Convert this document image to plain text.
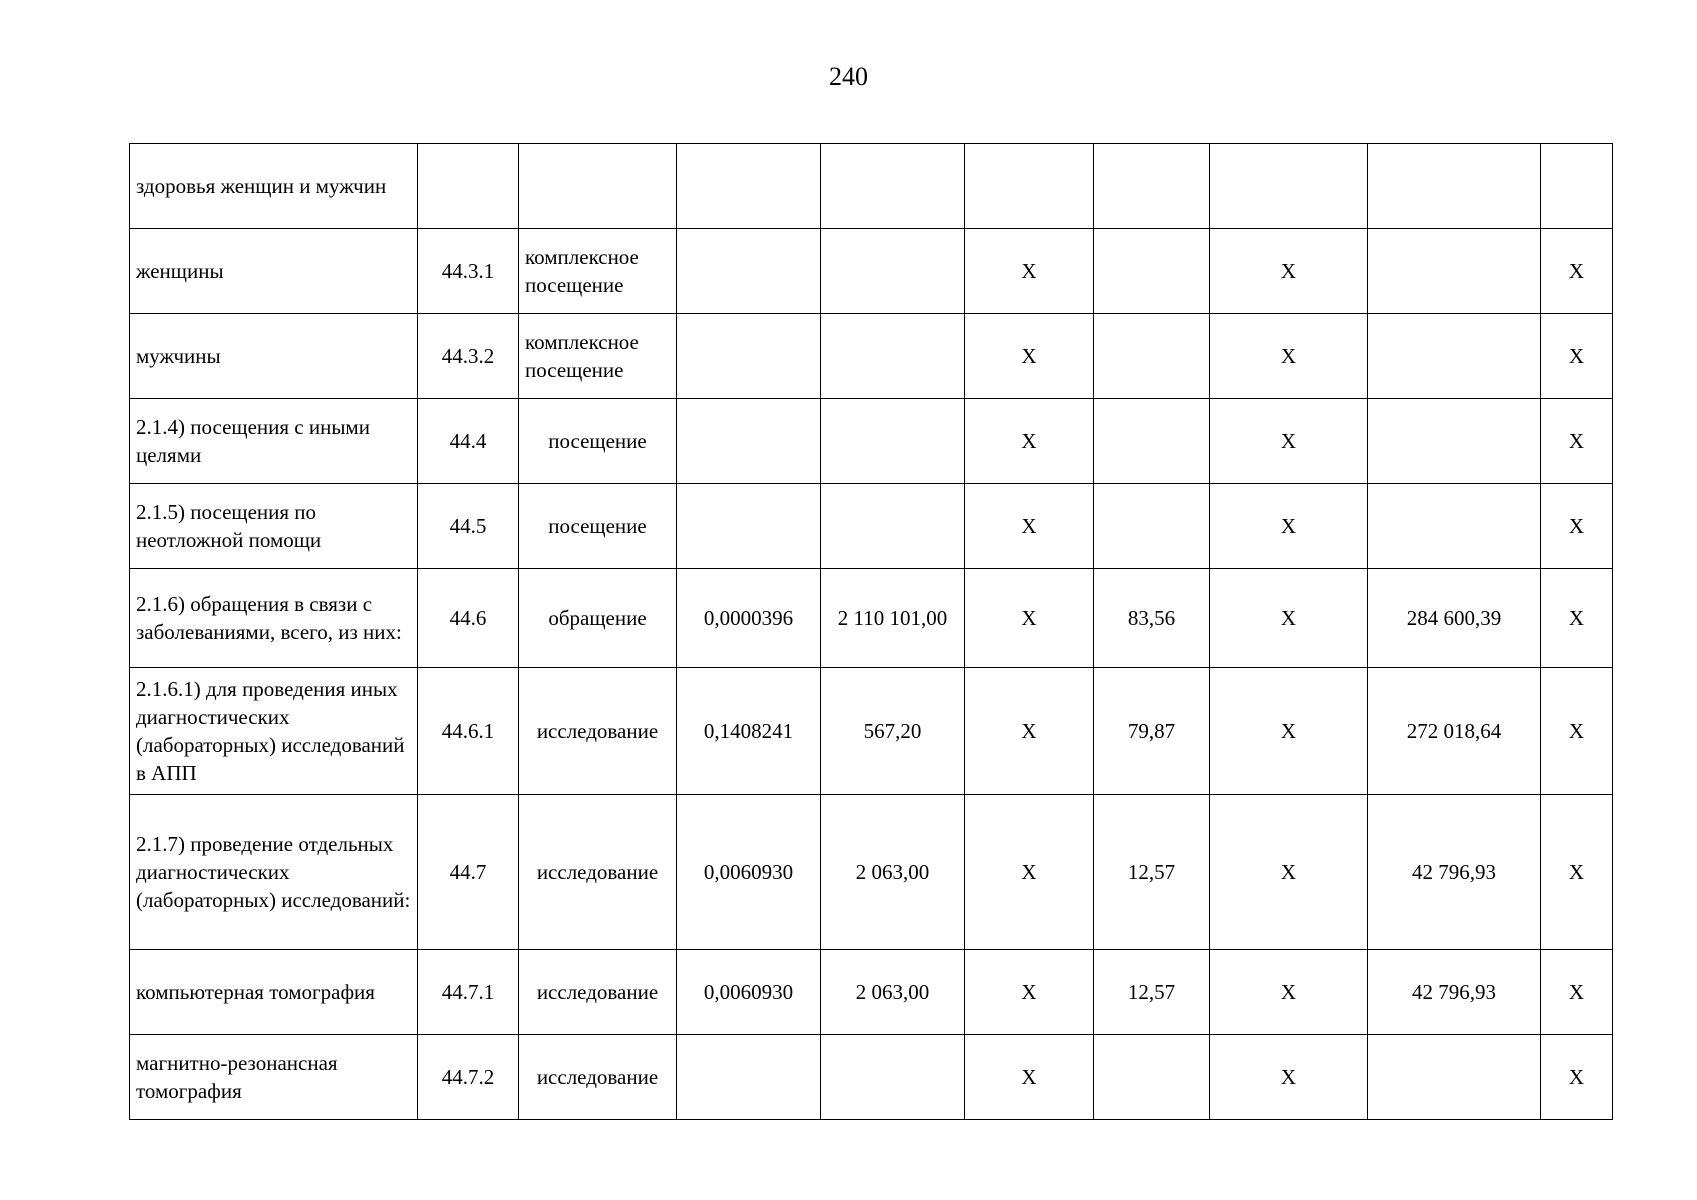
240
здоровья женщин и мужчин									
женщины	44.3.1	комплексное посещение			X		X		X
мужчины	44.3.2	комплексное посещение			X		X		X
2.1.4) посещения с иными целями	44.4	посещение			X		X		X
2.1.5) посещения по неотложной помощи	44.5	посещение			X		X		X
2.1.6) обращения в связи с заболеваниями, всего, из них:	44.6	обращение	0,0000396	2 110 101,00	X	83,56	X	284 600,39	X
2.1.6.1) для проведения иных диагностических (лабораторных) исследований в АПП	44.6.1	исследование	0,1408241	567,20	X	79,87	X	272 018,64	X
2.1.7) проведение отдельных диагностических (лабораторных) исследований:	44.7	исследование	0,0060930	2 063,00	X	12,57	X	42 796,93	X
компьютерная томография	44.7.1	исследование	0,0060930	2 063,00	X	12,57	X	42 796,93	X
магнитно-резонансная томография	44.7.2	исследование			X		X		X
